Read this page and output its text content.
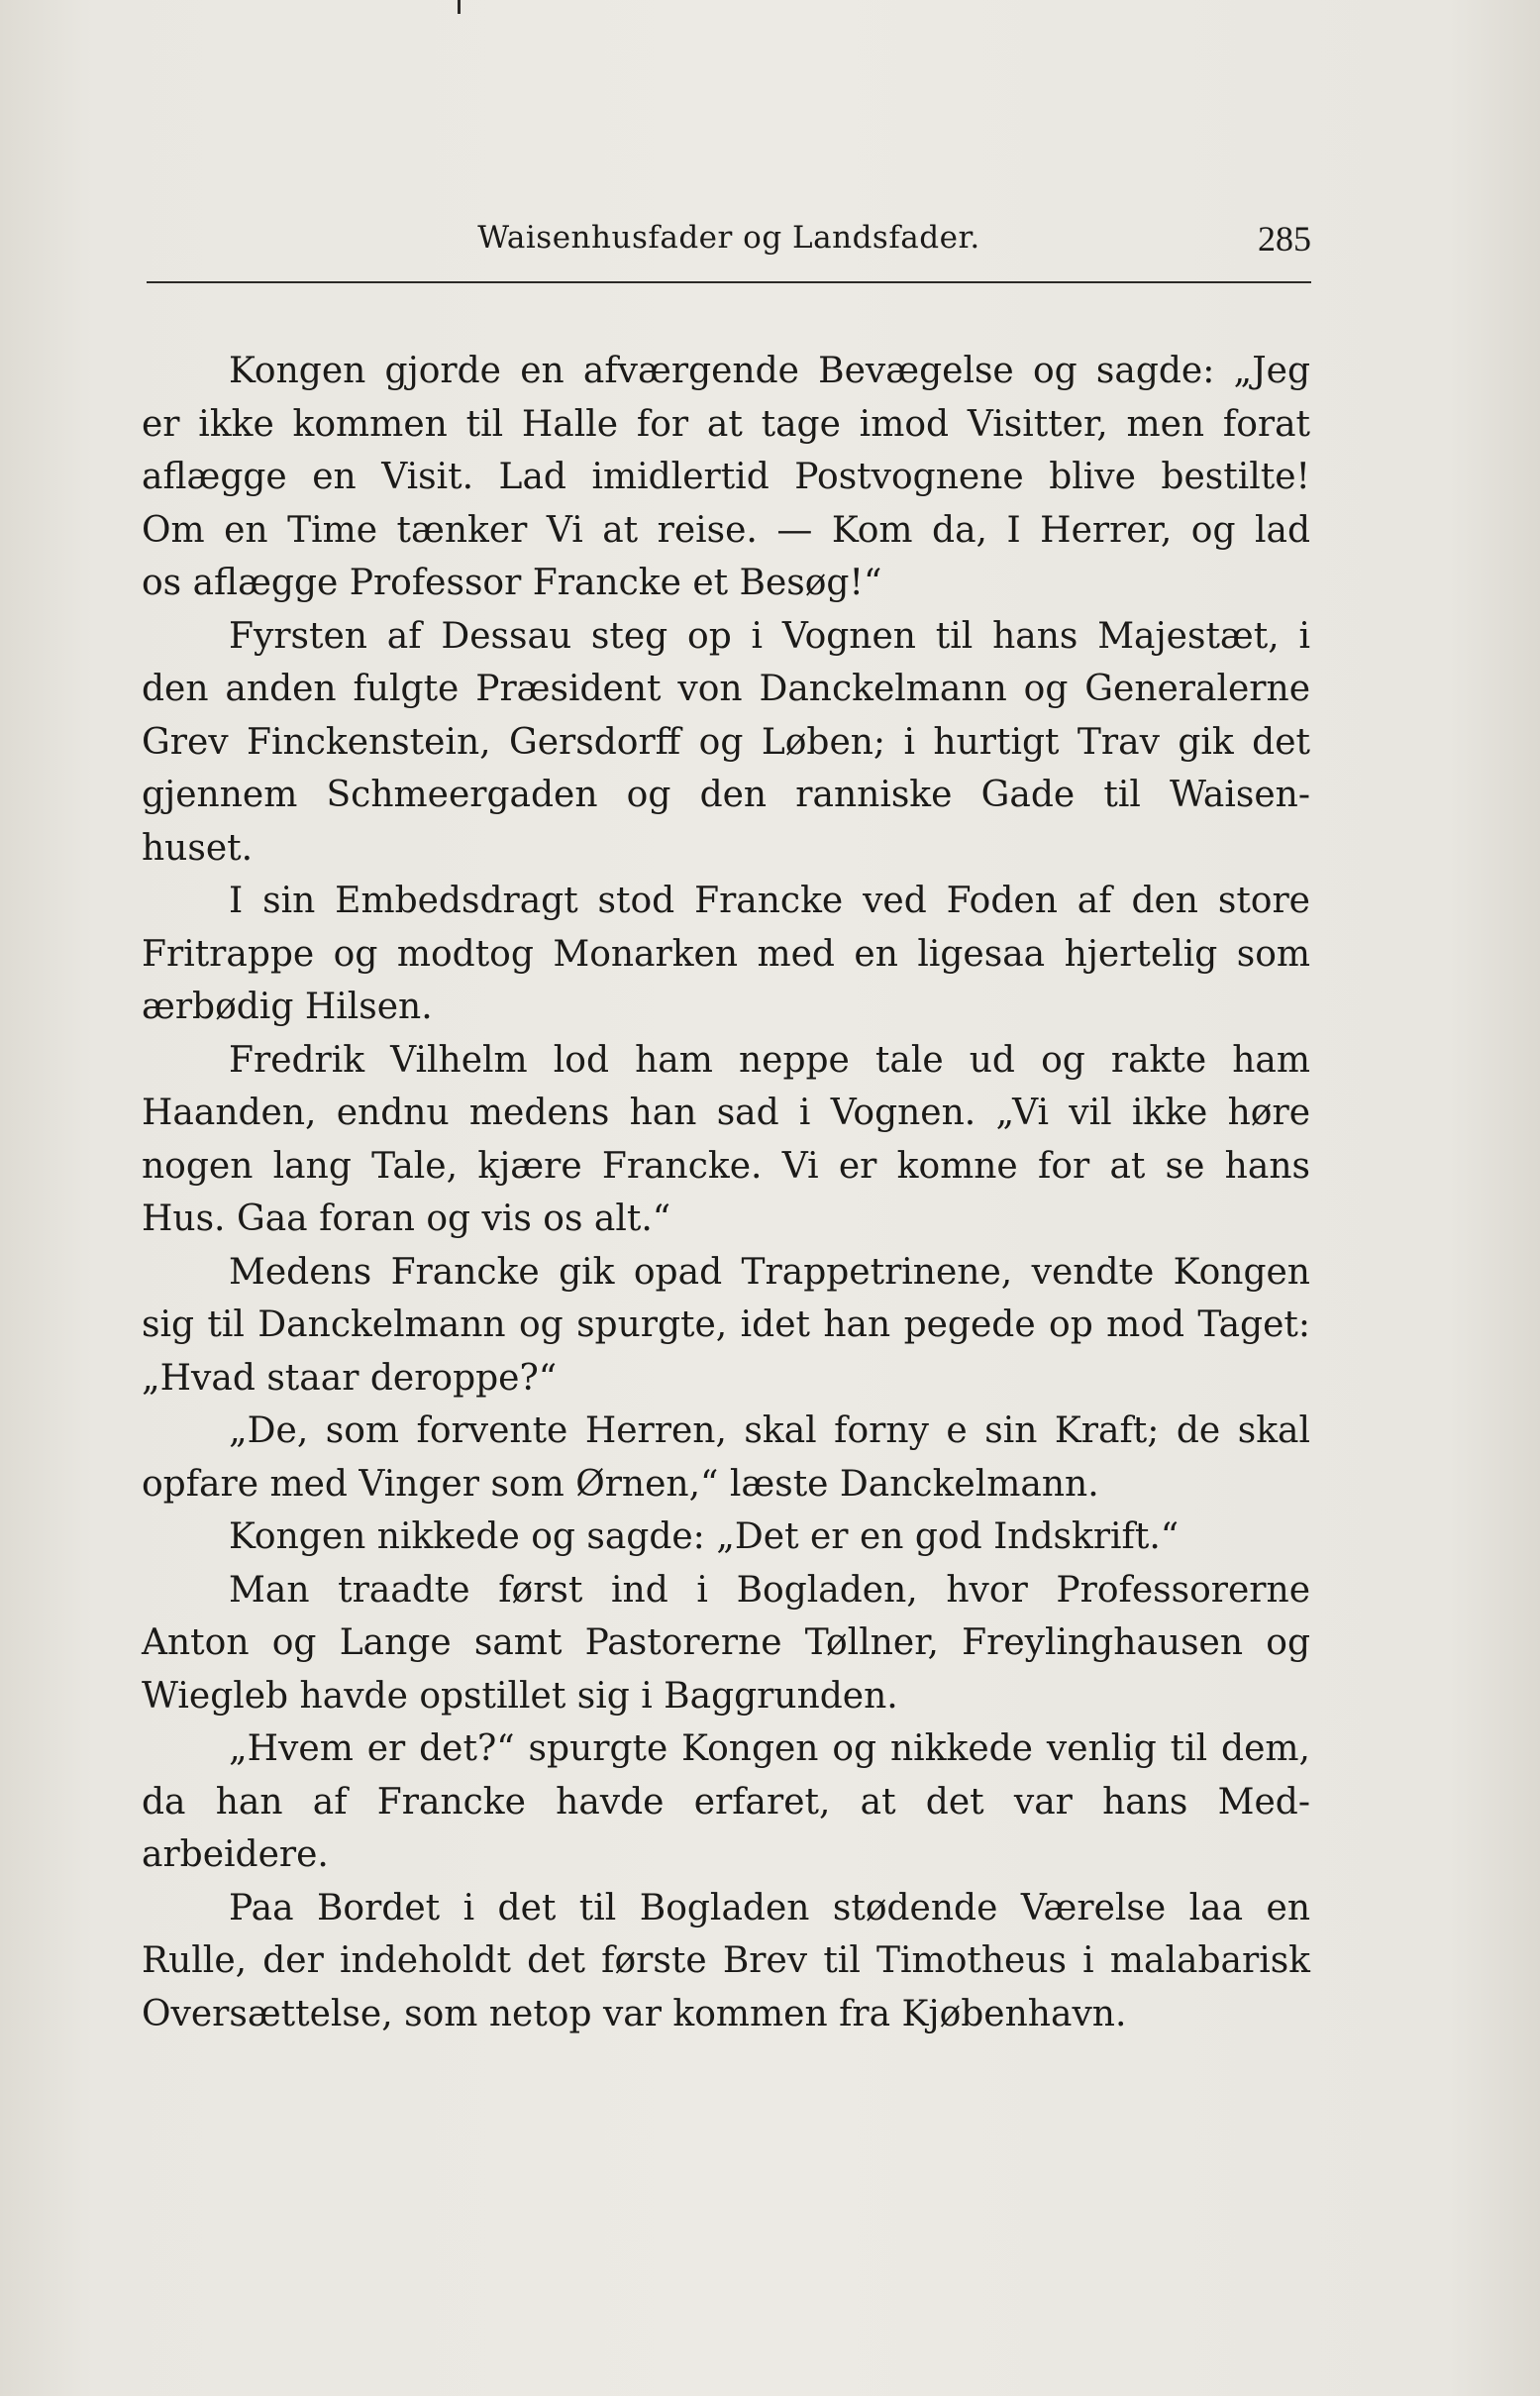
Waisenhusfader og Landsfader.	285
Kongen gjorde en afværgende Bevægelse og sagde: „Jeg
er ikke kommen til Halle for at tage imod Visitter, men forat
aflægge en Visit. Lad imidlertid Postvognene blive bestilte!
Om en Time tænker Vi at reise. — Kom da, I Herrer, og lad
os aflægge Professor Francke et Besøg!“
Fyrsten af Dessau steg op i Vognen til hans Majestæt, i
den anden fulgte Præsident von Danckelmann og Generalerne
Grev Finckenstein, Gersdorff og Løben; i hurtigt Trav gik det
gjennem Schmeergaden og den ranniske Gade til Waisen-
huset.
I sin Embedsdragt stod Francke ved Foden af den store
Fritrappe og modtog Monarken med en ligesaa hjertelig som
ærbødig Hilsen.
Fredrik Vilhelm lod ham neppe tale ud og rakte ham
Haanden, endnu medens han sad i Vognen. „Vi vil ikke høre
nogen lang Tale, kjære Francke. Vi er komne for at se hans
Hus. Gaa foran og vis os alt.“
Medens Francke gik opad Trappetrinene, vendte Kongen
sig til Danckelmann og spurgte, idet han pegede op mod Taget:
„Hvad staar deroppe?“
„De, som forvente Herren, skal forny e sin Kraft; de skal
opfare med Vinger som Ørnen,“ læste Danckelmann.
Kongen nikkede og sagde: „Det er en god Indskrift.“
Man traadte først ind i Bogladen, hvor Professorerne
Anton og Lange samt Pastorerne Tøllner, Freylinghausen og
Wiegleb havde opstillet sig i Baggrunden.
„Hvem er det?“ spurgte Kongen og nikkede venlig til dem,
da han af Francke havde erfaret, at det var hans Med-
arbeidere.
Paa Bordet i det til Bogladen stødende Værelse laa en
Rulle, der indeholdt det første Brev til Timotheus i malabarisk
Oversættelse, som netop var kommen fra Kjøbenhavn.
